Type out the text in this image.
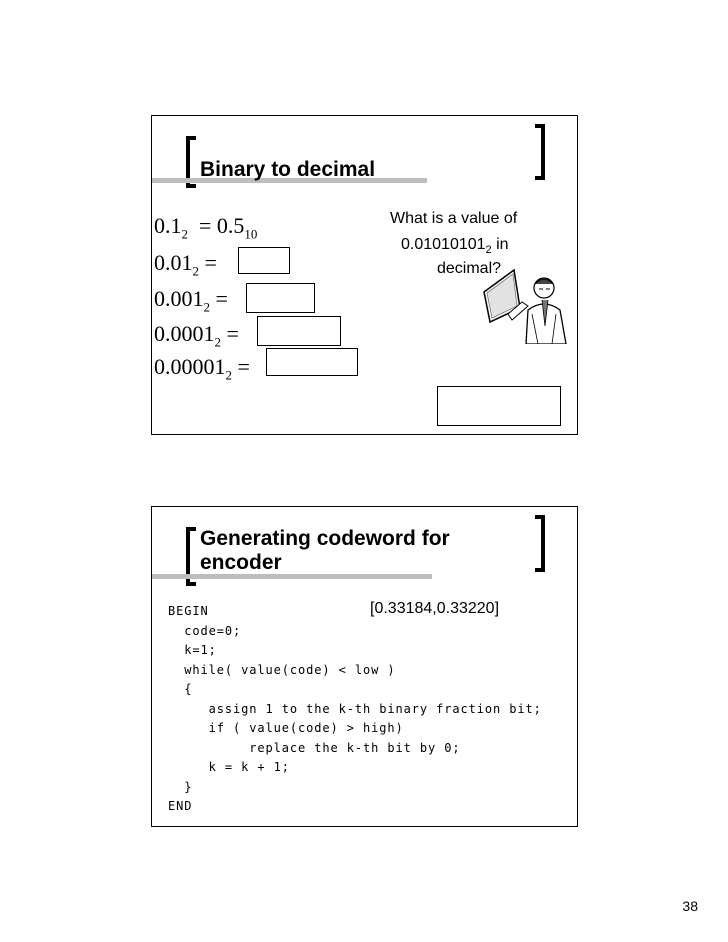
Binary to decimal
$0.1_2 = 0.5_{10}$
$0.01_2$ =
$0.001_2$ =
$0.0001_2$ =
$0.00001_2$ =
What is a value of
$0.01010101_2$ in
decimal?
Generating codeword for
encoder
[0.33184,0.33220]
BEGIN
code=0;
k=1;
while( value(code) < low )
{
assign 1 to the k-th binary fraction bit;
if ( value(code) > high)
replace the k-th bit by 0;
k = k + 1;
}
END
38
